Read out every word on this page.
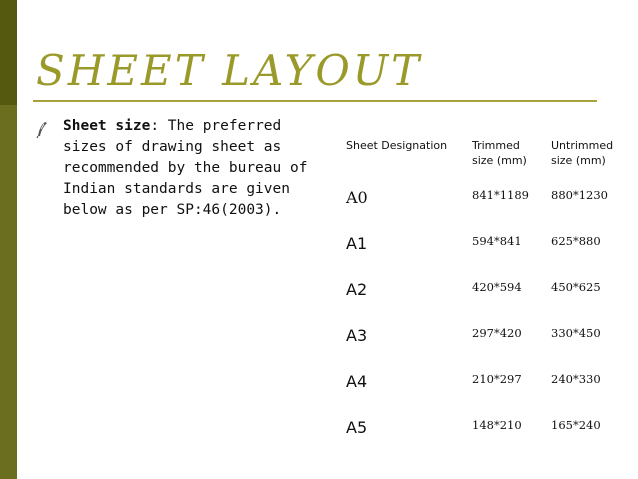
SHEET LAYOUT

Sheet size: The preferred sizes of drawing sheet as recommended by the bureau of Indian standards are given below as per SP:46(2003).

Sheet Designation	Trimmed size (mm)	Untrimmed size (mm)
A0	841*1189	880*1230
A1	594*841	625*880
A2	420*594	450*625
A3	297*420	330*450
A4	210*297	240*330
A5	148*210	165*240
